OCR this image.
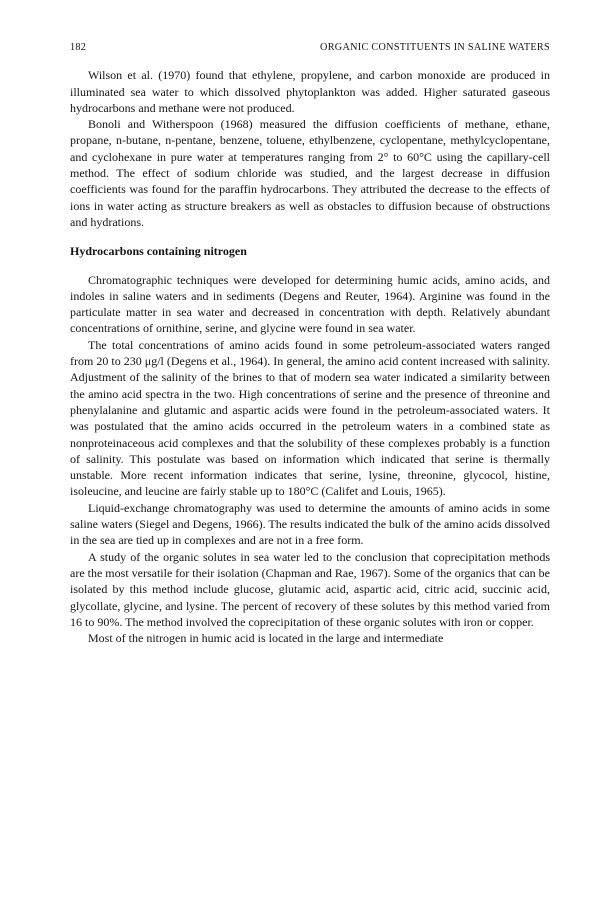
182	ORGANIC CONSTITUENTS IN SALINE WATERS

Wilson et al. (1970) found that ethylene, propylene, and carbon monoxide are produced in illuminated sea water to which dissolved phytoplankton was added. Higher saturated gaseous hydrocarbons and methane were not produced.

Bonoli and Witherspoon (1968) measured the diffusion coefficients of methane, ethane, propane, n-butane, n-pentane, benzene, toluene, ethylbenzene, cyclopentane, methylcyclopentane, and cyclohexane in pure water at temperatures ranging from 2° to 60°C using the capillary-cell method. The effect of sodium chloride was studied, and the largest decrease in diffusion coefficients was found for the paraffin hydrocarbons. They attributed the decrease to the effects of ions in water acting as structure breakers as well as obstacles to diffusion because of obstructions and hydrations.

Hydrocarbons containing nitrogen

Chromatographic techniques were developed for determining humic acids, amino acids, and indoles in saline waters and in sediments (Degens and Reuter, 1964). Arginine was found in the particulate matter in sea water and decreased in concentration with depth. Relatively abundant concentrations of ornithine, serine, and glycine were found in sea water.

The total concentrations of amino acids found in some petroleum-associated waters ranged from 20 to 230 μg/l (Degens et al., 1964). In general, the amino acid content increased with salinity. Adjustment of the salinity of the brines to that of modern sea water indicated a similarity between the amino acid spectra in the two. High concentrations of serine and the presence of threonine and phenylalanine and glutamic and aspartic acids were found in the petroleum-associated waters. It was postulated that the amino acids occurred in the petroleum waters in a combined state as nonproteinaceous acid complexes and that the solubility of these complexes probably is a function of salinity. This postulate was based on information which indicated that serine is thermally unstable. More recent information indicates that serine, lysine, threonine, glycocol, histine, isoleucine, and leucine are fairly stable up to 180°C (Califet and Louis, 1965).

Liquid-exchange chromatography was used to determine the amounts of amino acids in some saline waters (Siegel and Degens, 1966). The results indicated the bulk of the amino acids dissolved in the sea are tied up in complexes and are not in a free form.

A study of the organic solutes in sea water led to the conclusion that coprecipitation methods are the most versatile for their isolation (Chapman and Rae, 1967). Some of the organics that can be isolated by this method include glucose, glutamic acid, aspartic acid, citric acid, succinic acid, glycollate, glycine, and lysine. The percent of recovery of these solutes by this method varied from 16 to 90%. The method involved the coprecipitation of these organic solutes with iron or copper.

Most of the nitrogen in humic acid is located in the large and intermediate
